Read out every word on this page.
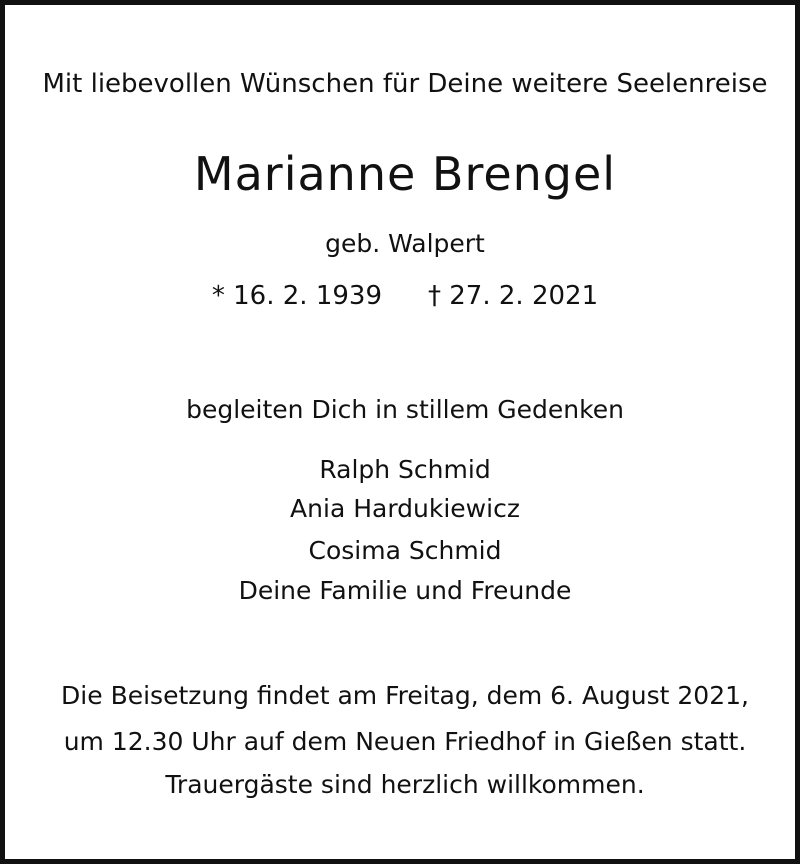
Mit liebevollen Wünschen für Deine weitere Seelenreise
Marianne Brengel
geb. Walpert
* 16. 2. 1939 † 27. 2. 2021
begleiten Dich in stillem Gedenken
Ralph Schmid
Ania Hardukiewicz
Cosima Schmid
Deine Familie und Freunde
Die Beisetzung findet am Freitag, dem 6. August 2021,
um 12.30 Uhr auf dem Neuen Friedhof in Gießen statt.
Trauergäste sind herzlich willkommen.
